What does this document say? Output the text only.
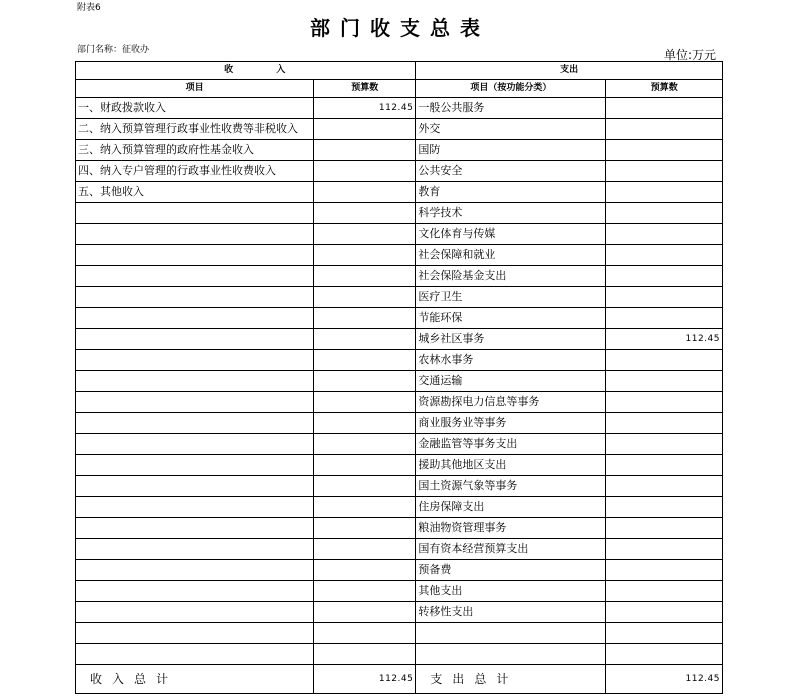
附表6
部门收支总表
部门名称：征收办	单位:万元
收 入		支出	
项目	预算数	项目（按功能分类）	预算数
一、财政拨款收入	112.45	一般公共服务	
二、纳入预算管理行政事业性收费等非税收入		外交	
三、纳入预算管理的政府性基金收入		国防	
四、纳入专户管理的行政事业性收费收入		公共安全	
五、其他收入		教育	
		科学技术	
		文化体育与传媒	
		社会保障和就业	
		社会保险基金支出	
		医疗卫生	
		节能环保	
		城乡社区事务	112.45
		农林水事务	
		交通运输	
		资源勘探电力信息等事务	
		商业服务业等事务	
		金融监管等事务支出	
		援助其他地区支出	
		国土资源气象等事务	
		住房保障支出	
		粮油物资管理事务	
		国有资本经营预算支出	
		预备费	
		其他支出	
		转移性支出	

收入总计	112.45	支出总计	112.45
